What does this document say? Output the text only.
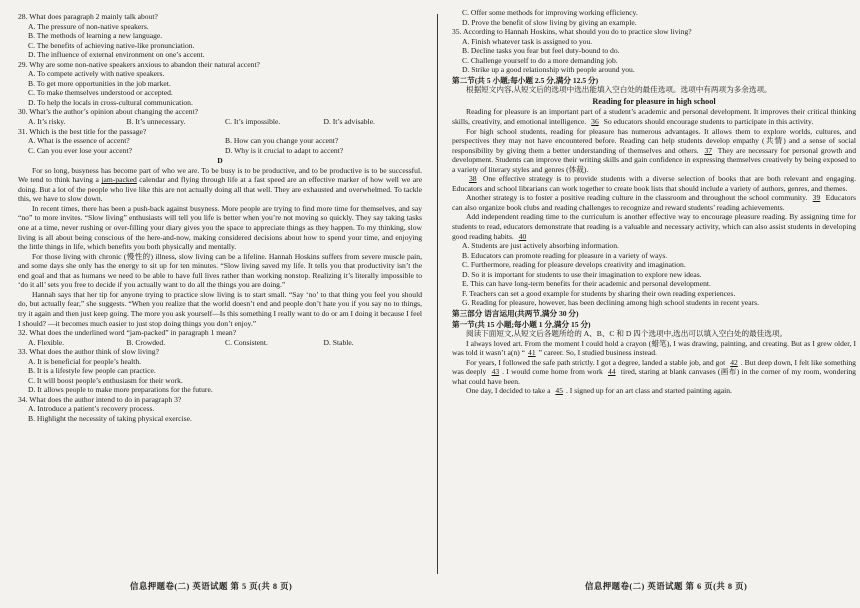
28. What does paragraph 2 mainly talk about?

A. The pressure of non-native speakers.

B. The methods of learning a new language.

C. The benefits of achieving native-like pronunciation.

D. The influence of external environment on one’s accent.

29. Why are some non-native speakers anxious to abandon their natural accent?

A. To compete actively with native speakers.

B. To get more opportunities in the job market.

C. To make themselves understood or accepted.

D. To help the locals in cross-cultural communication.

30. What’s the author’s opinion about changing the accent?

A. It’s risky.	B. It’s unnecessary.	C. It’s impossible.	D. It’s advisable.

31. Which is the best title for the passage?

A. What is the essence of accent?	B. How can you change your accent?
C. Can you ever lose your accent?	D. Why is it crucial to adapt to accent?

D

For so long, busyness has become part of who we are. To be busy is to be productive, and to be productive is to be successful. We tend to think having a jam-packed calendar and flying through life at a fast speed are an effective marker of how well we are doing. But a lot of the people who live like this are not actually doing all that well. They are exhausted and overwhelmed. To tackle this, we have to slow down.

In recent times, there has been a push-back against busyness. More people are trying to find more time for themselves, and say “no” to more invites. “Slow living” enthusiasts will tell you life is better when you’re not moving so quickly. They say taking tasks one at a time, never rushing or over-filling your diary gives you the space to appreciate things as they happen. To my thinking, slow living is all about being conscious of the here-and-now, making considered decisions about how to spend your time, and enjoying the little things in life, which benefits you both physically and mentally.

For those living with chronic (慢性的) illness, slow living can be a lifeline. Hannah Hoskins suffers from severe muscle pain, and some days she only has the energy to sit up for ten minutes. “Slow living saved my life. It tells you that productivity isn’t the end goal and that as humans we need to be able to have full lives rather than working nonstop. Realizing it’s literally impossible to ‘do it all’ sets you free to decide if you actually want to do all the things you are doing.”

Hannah says that her tip for anyone trying to practice slow living is to start small. “Say ‘no’ to that thing you feel you should do, but actually fear,” she suggests. “When you realize that the world doesn’t end and people don’t hate you if you say no to things, try it again and then just keep going. The more you ask yourself—Is this something I really want to do or am I doing it because I feel I should? —it becomes much easier to just stop doing things you don’t enjoy.”

32. What does the underlined word “jam-packed” in paragraph 1 mean?

A. Flexible.	B. Crowded.	C. Consistent.	D. Stable.

33. What does the author think of slow living?

A. It is beneficial for people’s health.

B. It is a lifestyle few people can practice.

C. It will boost people’s enthusiasm for their work.

D. It allows people to make more preparations for the future.

34. What does the author intend to do in paragraph 3?

A. Introduce a patient’s recovery process.

B. Highlight the necessity of taking physical exercise.

C. Offer some methods for improving working efficiency.

D. Prove the benefit of slow living by giving an example.

35. According to Hannah Hoskins, what should you do to practice slow living?

A. Finish whatever task is assigned to you.

B. Decline tasks you fear but feel duty-bound to do.

C. Challenge yourself to do a more demanding job.

D. Strike up a good relationship with people around you.

第二节(共 5 小题;每小题 2.5 分,满分 12.5 分)

根据短文内容,从短文后的选项中选出能填入空白处的最佳选项。选项中有两项为多余选项。

Reading for pleasure in high school

Reading for pleasure is an important part of a student’s academic and personal development. It improves their critical thinking skills, creativity, and emotional intelligence. 36 So educators should encourage students to participate in this activity.

For high school students, reading for pleasure has numerous advantages. It allows them to explore worlds, cultures, and perspectives they may not have encountered before. Reading can help students develop empathy (共情) and a sense of social responsibility by giving them a better understanding of themselves and others. 37 They are necessary for personal growth and development. Students can improve their writing skills and gain confidence in expressing themselves creatively by being exposed to a variety of literary styles and genres (体裁).

38 One effective strategy is to provide students with a diverse selection of books that are both relevant and engaging. Educators and school librarians can work together to create book lists that should include a variety of authors, genres, and themes.

Another strategy is to foster a positive reading culture in the classroom and throughout the school community. 39 Educators can also organize book clubs and reading challenges to recognize and reward students’ reading achievements.

Add independent reading time to the curriculum is another effective way to encourage pleasure reading. By assigning time for students to read, educators demonstrate that reading is a valuable and necessary activity, which can also assist students in developing good reading habits. 40

A. Students are just actively absorbing information.

B. Educators can promote reading for pleasure in a variety of ways.

C. Furthermore, reading for pleasure develops creativity and imagination.

D. So it is important for students to use their imagination to explore new ideas.

E. This can have long-term benefits for their academic and personal development.

F. Teachers can set a good example for students by sharing their own reading experiences.

G. Reading for pleasure, however, has been declining among high school students in recent years.

第三部分 语言运用(共两节,满分 30 分)

第一节(共 15 小题;每小题 1 分,满分 15 分)

阅读下面短文,从短文后各题所给的 A、B、C 和 D 四个选项中,选出可以填入空白处的最佳选项。

I always loved art. From the moment I could hold a crayon (蜡笔), I was drawing, painting, and creating. But as I grew older, I was told it wasn’t a(n) “ 41 ” career. So, I studied business instead.

For years, I followed the safe path strictly. I got a degree, landed a stable job, and got 42 . But deep down, I felt like something was deeply 43 . I would come home from work 44 tired, staring at blank canvases (画布) in the corner of my room, wondering what could have been.

One day, I decided to take a 45 . I signed up for an art class and started painting again.

信息押题卷(二) 英语试题 第 5 页(共 8 页)	信息押题卷(二) 英语试题 第 6 页(共 8 页)
